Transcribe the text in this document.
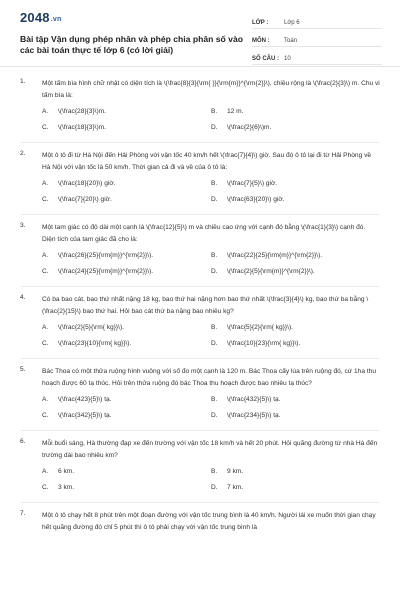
2048.vn
Bài tập Vận dụng phép nhân và phép chia phân số vào các bài toán thực tế lớp 6 (có lời giải)
LỚP :	Lớp 6
MÔN :	Toán
SỐ CÂU : 10
1.	Một tấm bìa hình chữ nhật có diện tích là \(\frac{8}{3}{\rm{ }}{\rm{m}}^{\rm{2}}\), chiều rộng là \(\frac{2}{3}\) m. Chu vi tấm bìa là:
A. \(\frac{28}{3}\)m.	B. 12 m.
C. \(\frac{18}{3}\)m.	D. \(\frac{2}{6}\)m.
2.	Một ô tô đi từ Hà Nội đến Hải Phòng với vận tốc 40 km/h hết \(\frac{7}{4}\) giờ. Sau đó ô tô lại đi từ Hải Phòng về Hà Nội với vận tốc là 50 km/h. Thời gian cả đi và về của ô tô là:
A. \(\frac{18}{20}\) giờ.	B. \(\frac{7}{5}\) giờ.
C. \(\frac{7}{20}\) giờ.	D. \(\frac{63}{20}\) giờ.
3.	Một tam giác có độ dài một cạnh là \(\frac{12}{5}\) m và chiều cao ứng với cạnh đó bằng \(\frac{1}{3}\) cạnh đó. Diện tích của tam giác đã cho là:
A. \(\frac{26}{25}{\rm{m}}^{\rm{2}}\).	B. \(\frac{22}{25}{\rm{m}}^{\rm{2}}\).
C. \(\frac{24}{25}{\rm{m}}^{\rm{2}}\).	D. \(\frac{2}{5}{\rm{m}}^{\rm{2}}\).
4.	Có ba bao cát, bao thứ nhất nặng 18 kg, bao thứ hai nặng hơn bao thứ nhất \(\frac{3}{4}\) kg, bao thứ ba bằng \(\frac{2}{15}\) bao thứ hai. Hỏi bao cát thứ ba nặng bao nhiêu kg?
A. \(\frac{2}{5}{\rm{ kg}}\).	B. \(\frac{5}{2}{\rm{ kg}}\).
C. \(\frac{23}{10}{\rm{ kg}}\).	D. \(\frac{10}{23}{\rm{ kg}}\).
5.	Bác Thoa có một thửa ruộng hình vuông với số đo một cạnh là 120 m. Bác Thoa cấy lúa trên ruộng đó, cứ 1ha thu hoạch được 60 tạ thóc. Hỏi trên thửa ruộng đó bác Thoa thu hoạch được bao nhiêu tạ thóc?
A. \(\frac{423}{5}\) tạ.	B. \(\frac{432}{5}\) tạ.
C. \(\frac{342}{5}\) tạ.	D. \(\frac{234}{5}\) tạ.
6.	Mỗi buổi sáng, Hà thường đạp xe đến trường với vận tốc 18 km/h và hết 20 phút. Hỏi quãng đường từ nhà Hà đến trường dài bao nhiêu km?
A. 6 km.	B. 9 km.
C. 3 km.	D. 7 km.
7.	Một ô tô chạy hết 8 phút trên một đoạn đường với vận tốc trung bình là 40 km/h. Người lái xe muốn thời gian chạy hết quãng đường đó chỉ 5 phút thì ô tô phải chạy với vận tốc trung bình là
